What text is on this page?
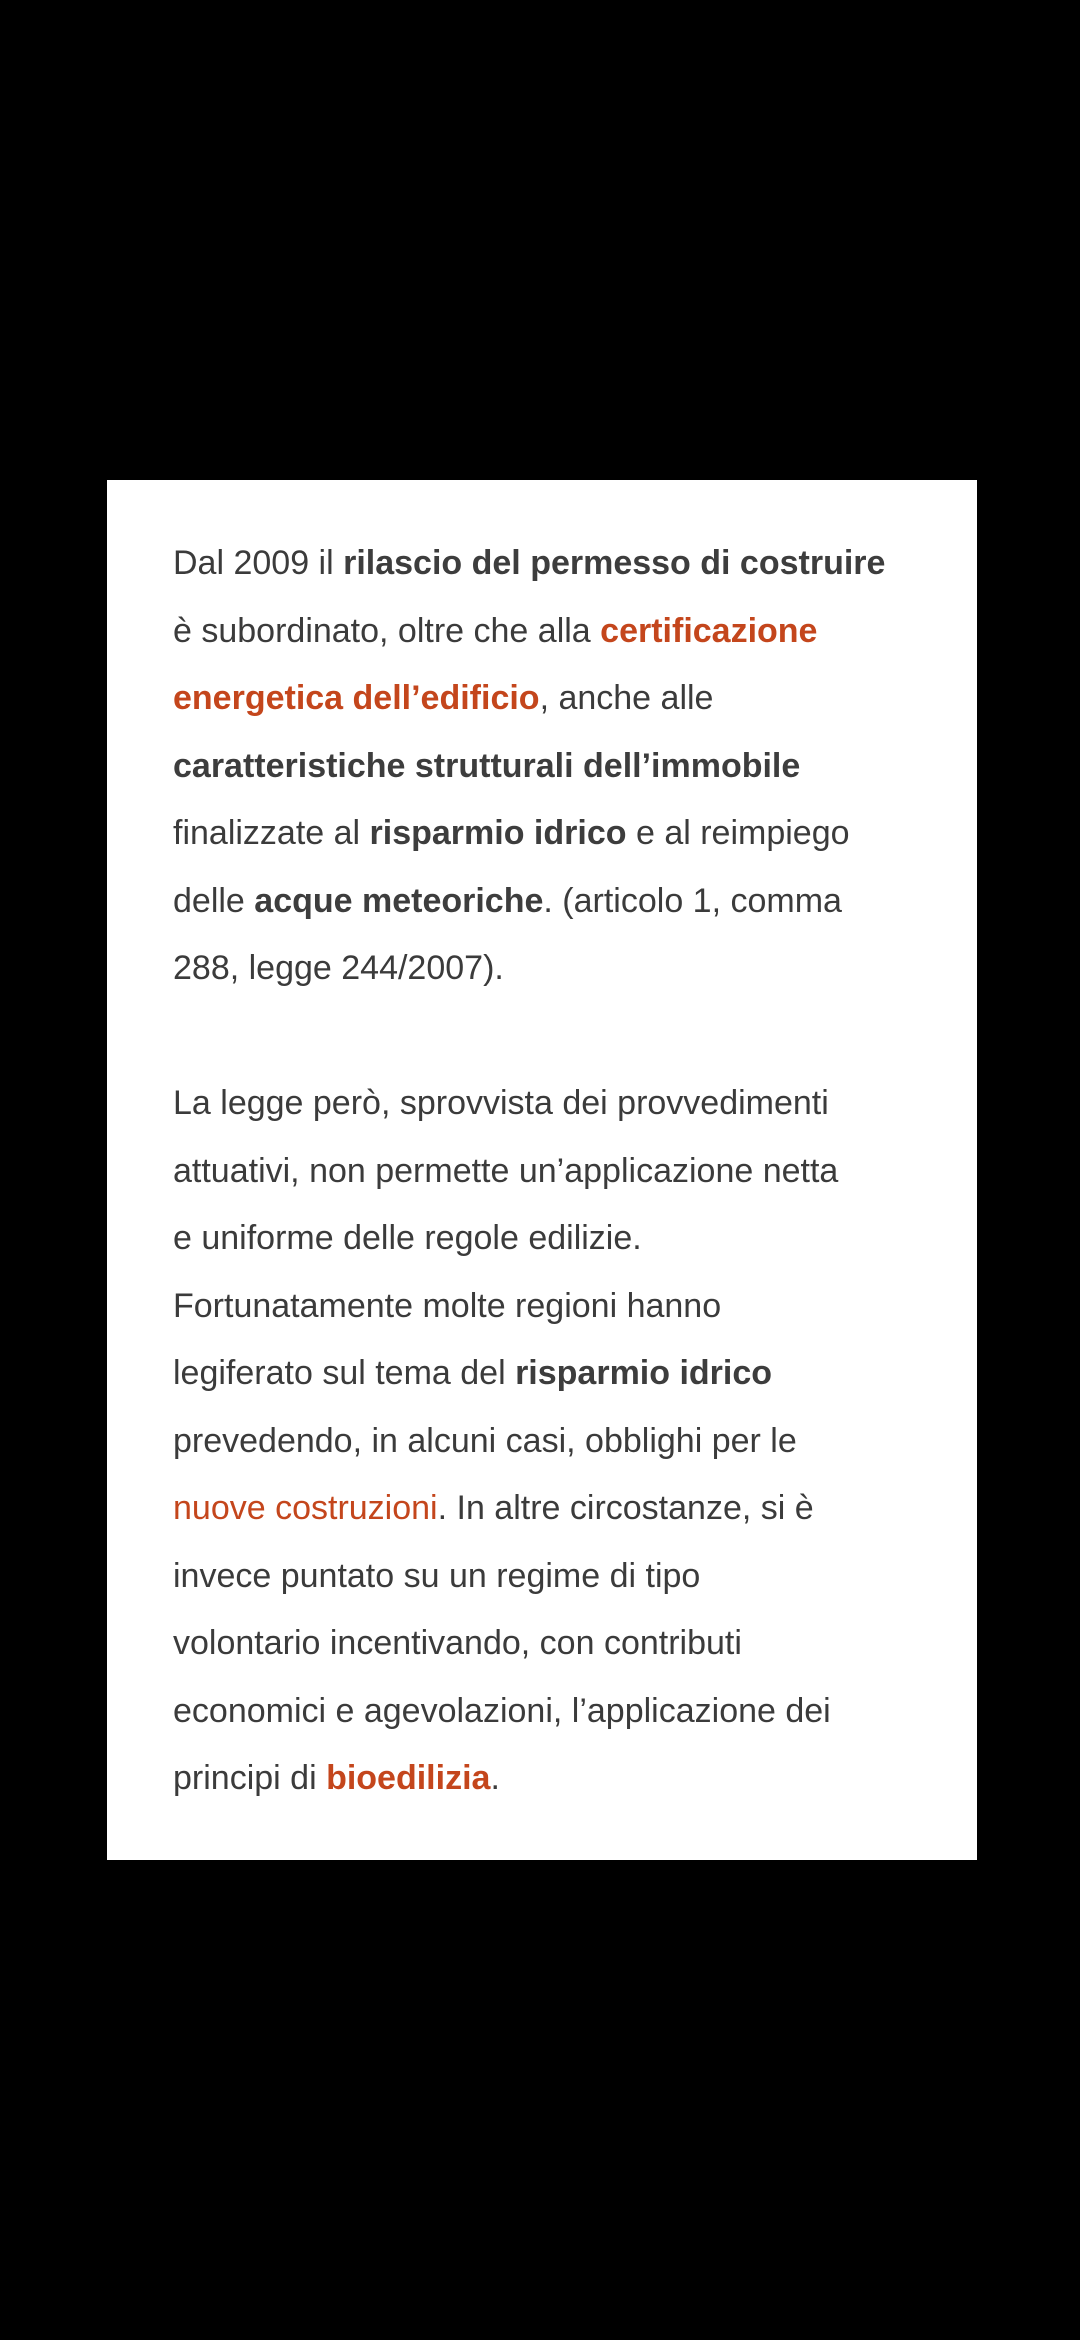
Dal 2009 il rilascio del permesso di costruire
è subordinato, oltre che alla certificazione
energetica dell’edificio, anche alle
caratteristiche strutturali dell’immobile
finalizzate al risparmio idrico e al reimpiego
delle acque meteoriche. (articolo 1, comma
288, legge 244/2007).

La legge però, sprovvista dei provvedimenti
attuativi, non permette un’applicazione netta
e uniforme delle regole edilizie.
Fortunatamente molte regioni hanno
legiferato sul tema del risparmio idrico
prevedendo, in alcuni casi, obblighi per le
nuove costruzioni. In altre circostanze, si è
invece puntato su un regime di tipo
volontario incentivando, con contributi
economici e agevolazioni, l’applicazione dei
principi di bioedilizia.
